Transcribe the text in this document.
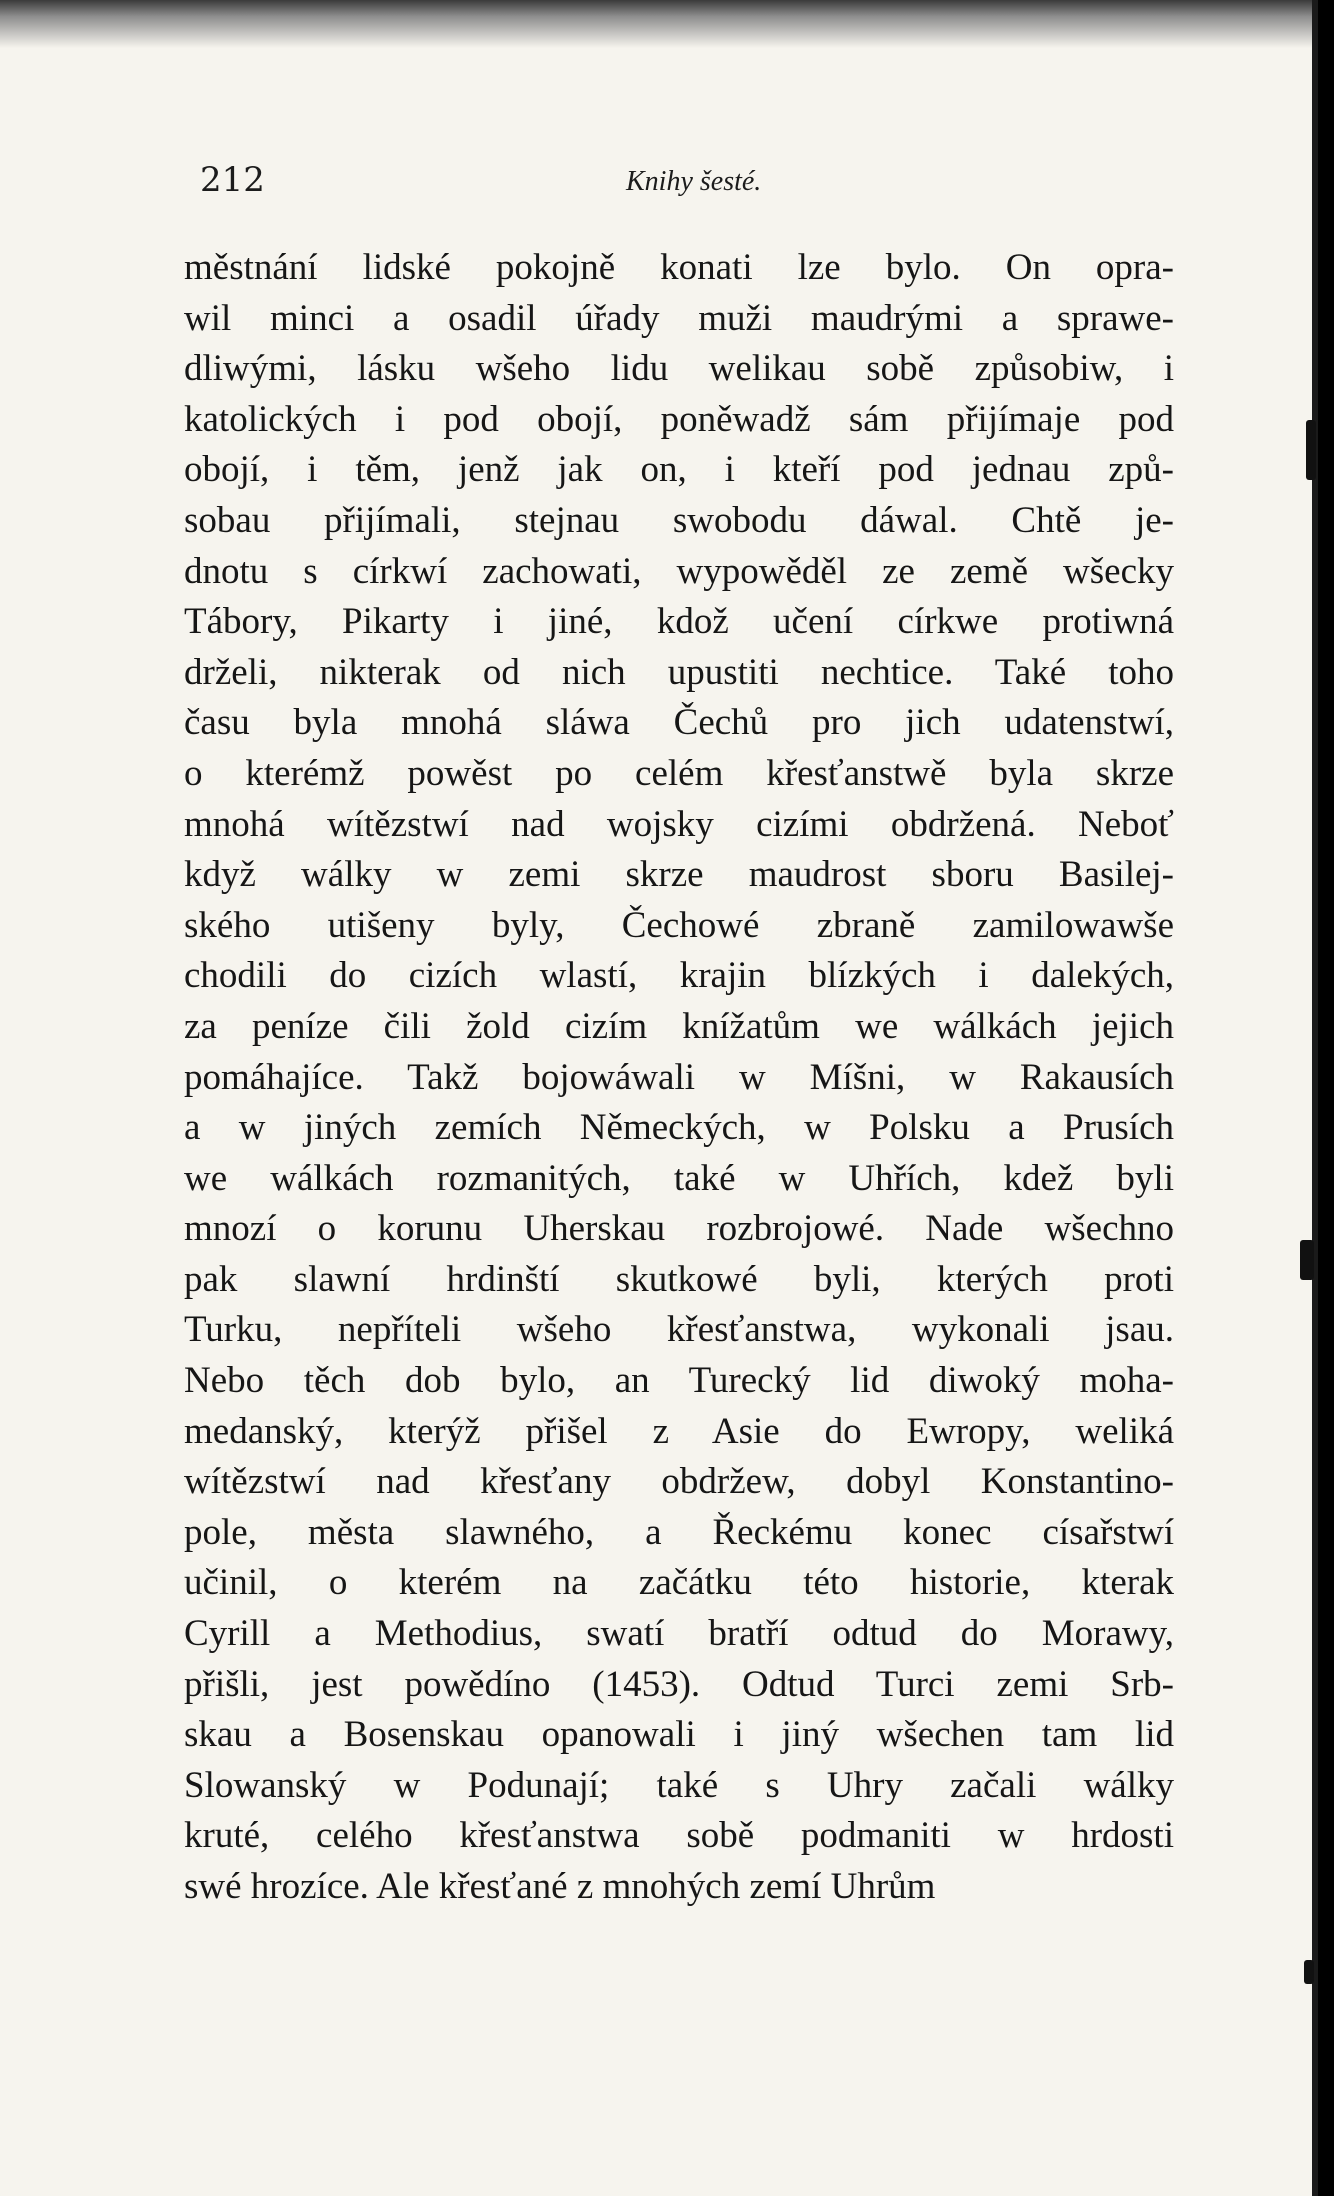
212	Knihy šesté.
městnání lidské pokojně konati lze bylo. On opra-
wil minci a osadil úřady muži maudrými a sprawe-
dliwými, lásku wšeho lidu welikau sobě způsobiw, i
katolických i pod obojí, poněwadž sám přijímaje pod
obojí, i těm, jenž jak on, i kteří pod jednau způ-
sobau přijímali, stejnau swobodu dáwal. Chtě je-
dnotu s církwí zachowati, wypowěděl ze země wšecky
Tábory, Pikarty i jiné, kdož učení církwe protiwná
drželi, nikterak od nich upustiti nechtice. Také toho
času byla mnohá sláwa Čechů pro jich udatenstwí,
o kterémž powěst po celém křesťanstwě byla skrze
mnohá wítězstwí nad wojsky cizími obdržená. Neboť
když wálky w zemi skrze maudrost sboru Basilej-
ského utišeny byly, Čechowé zbraně zamilowawše
chodili do cizích wlastí, krajin blízkých i dalekých,
za peníze čili žold cizím knížatům we wálkách jejich
pomáhajíce. Takž bojowáwali w Míšni, w Rakausích
a w jiných zemích Německých, w Polsku a Prusích
we wálkách rozmanitých, také w Uhřích, kdež byli
mnozí o korunu Uherskau rozbrojowé. Nade wšechno
pak slawní hrdinští skutkowé byli, kterých proti
Turku, nepříteli wšeho křesťanstwa, wykonali jsau.
Nebo těch dob bylo, an Turecký lid diwoký moha-
medanský, kterýž přišel z Asie do Ewropy, weliká
wítězstwí nad křesťany obdržew, dobyl Konstantino-
pole, města slawného, a Řeckému konec císařstwí
učinil, o kterém na začátku této historie, kterak
Cyrill a Methodius, swatí bratří odtud do Morawy,
přišli, jest powědíno (1453). Odtud Turci zemi Srb-
skau a Bosenskau opanowali i jiný wšechen tam lid
Slowanský w Podunají; také s Uhry začali wálky
kruté, celého křesťanstwa sobě podmaniti w hrdosti
swé hrozíce. Ale křesťané z mnohých zemí Uhrům
